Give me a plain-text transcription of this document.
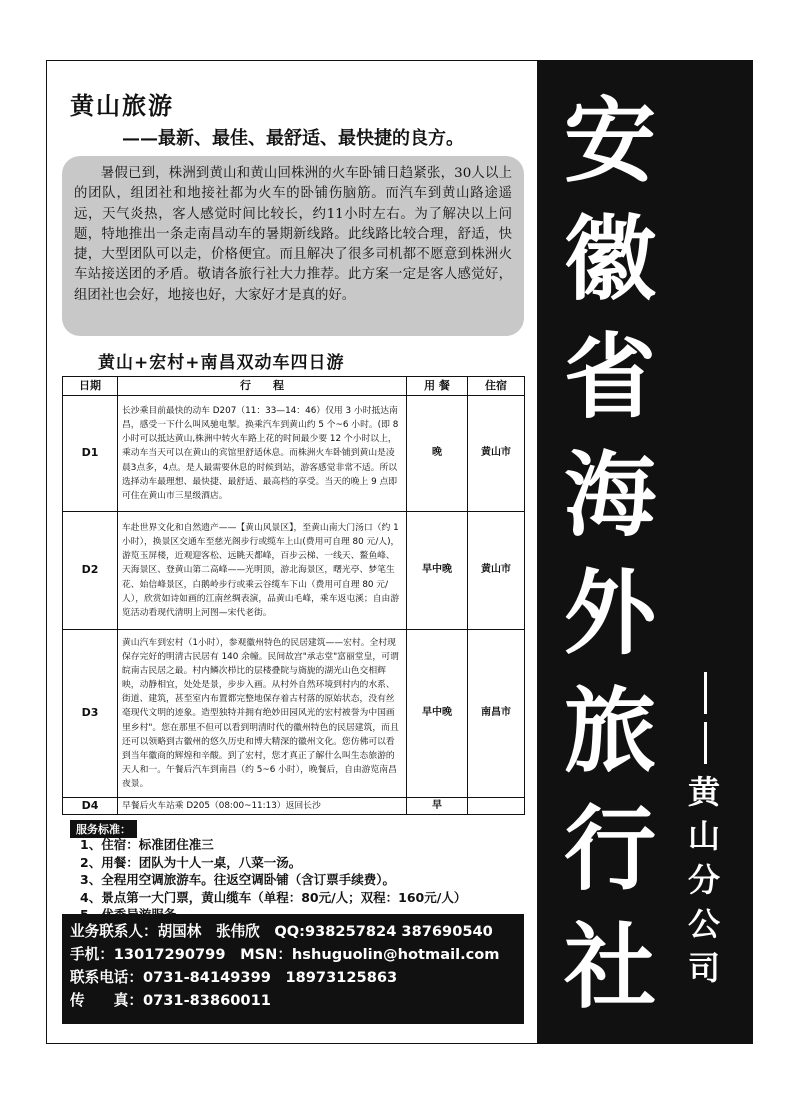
黄山旅游
——最新、最佳、最舒适、最快捷的良方。
暑假已到，株洲到黄山和黄山回株洲的火车卧铺日趋紧张，30人以上的团队，组团社和地接社都为火车的卧铺伤脑筋。而汽车到黄山路途遥远，天气炎热，客人感觉时间比较长，约11小时左右。为了解决以上问题，特地推出一条走南昌动车的暑期新线路。此线路比较合理，舒适，快捷，大型团队可以走，价格便宜。而且解决了很多司机都不愿意到株洲火车站接送团的矛盾。敬请各旅行社大力推荐。此方案一定是客人感觉好，组团社也会好，地接也好，大家好才是真的好。
黄山+宏村+南昌双动车四日游
日期	行　　程	用 餐	住宿
D1	长沙乘目前最快的动车 D207（11：33—14：46）仅用 3 小时抵达南昌，感受一下什么叫风驰电掣。换乘汽车到黄山约 5 个~6 小时。(即 8 小时可以抵达黄山,株洲中转火车路上花的时间最少要 12 个小时以上，乘动车当天可以在黄山的宾馆里舒适休息。而株洲火车卧铺到黄山是凌晨3点多，4点。是人最需要休息的时候到站，游客感觉非常不适。所以选择动车最理想、最快捷、最舒适、最高档的享受。当天的晚上 9 点即可住在黄山市三星级酒店。	晚	黄山市
D2	车赴世界文化和自然遗产——【黄山风景区】，至黄山南大门汤口（约 1 小时），换景区交通车至慈光阁步行或缆车上山(费用可自理 80 元/人)，游览玉屏楼，近观迎客松、远眺天都峰，百步云梯、一线天、鳌鱼峰、天海景区、登黄山第二高峰——光明顶，游北海景区，曙光亭、梦笔生花、始信峰景区，白鹅岭步行或乘云谷缆车下山（费用可自理 80 元/人），欣赏如诗如画的江南丝绸表演，品黄山毛峰，乘车返屯溪；自由游览活动看现代清明上河图—宋代老街。	早中晚	黄山市
D3	黄山汽车到宏村（1小时），参观徽州特色的民居建筑——宏村。全村现保存完好的明清古民居有 140 余幢。民间故宫"承志堂"富丽堂皇，可谓皖南古民居之最。村内鳞次栉比的层楼叠院与旖旎的湖光山色交相辉映，动静相宜，处处是景，步步入画。从村外自然环境到村内的水系、街道、建筑，甚至室内布置都完整地保存着古村落的原始状态，没有丝毫现代文明的迹象。造型独特并拥有绝妙田园风光的宏村被誉为中国画里乡村"。您在那里不但可以看到明清时代的徽州特色的民居建筑，而且还可以领略到古徽州的悠久历史和博大精深的徽州文化。您仿佛可以看到当年徽商的辉煌和辛酸。到了宏村，您才真正了解什么叫生态旅游的天人和一。午餐后汽车到南昌（约 5~6 小时），晚餐后，自由游览南昌夜景。	早中晚	南昌市
D4	早餐后火车站乘 D205（08:00~11:13）返回长沙	早	
服务标准：
1、住宿：标准团住准三
2、用餐：团队为十人一桌，八菜一汤。
3、全程用空调旅游车。往返空调卧铺（含订票手续费）。
4、景点第一大门票，黄山缆车（单程：80元/人；双程：160元/人）
业务联系人：胡国林　张伟欣　QQ:938257824 387690540
手机：13017290799　MSN：hshuguolin@hotmail.com
联系电话：0731-84149399　18973125863
传　　真：0731-83860011
安
徽
省
海
外
旅
行
社
黄
山
分
公
司
